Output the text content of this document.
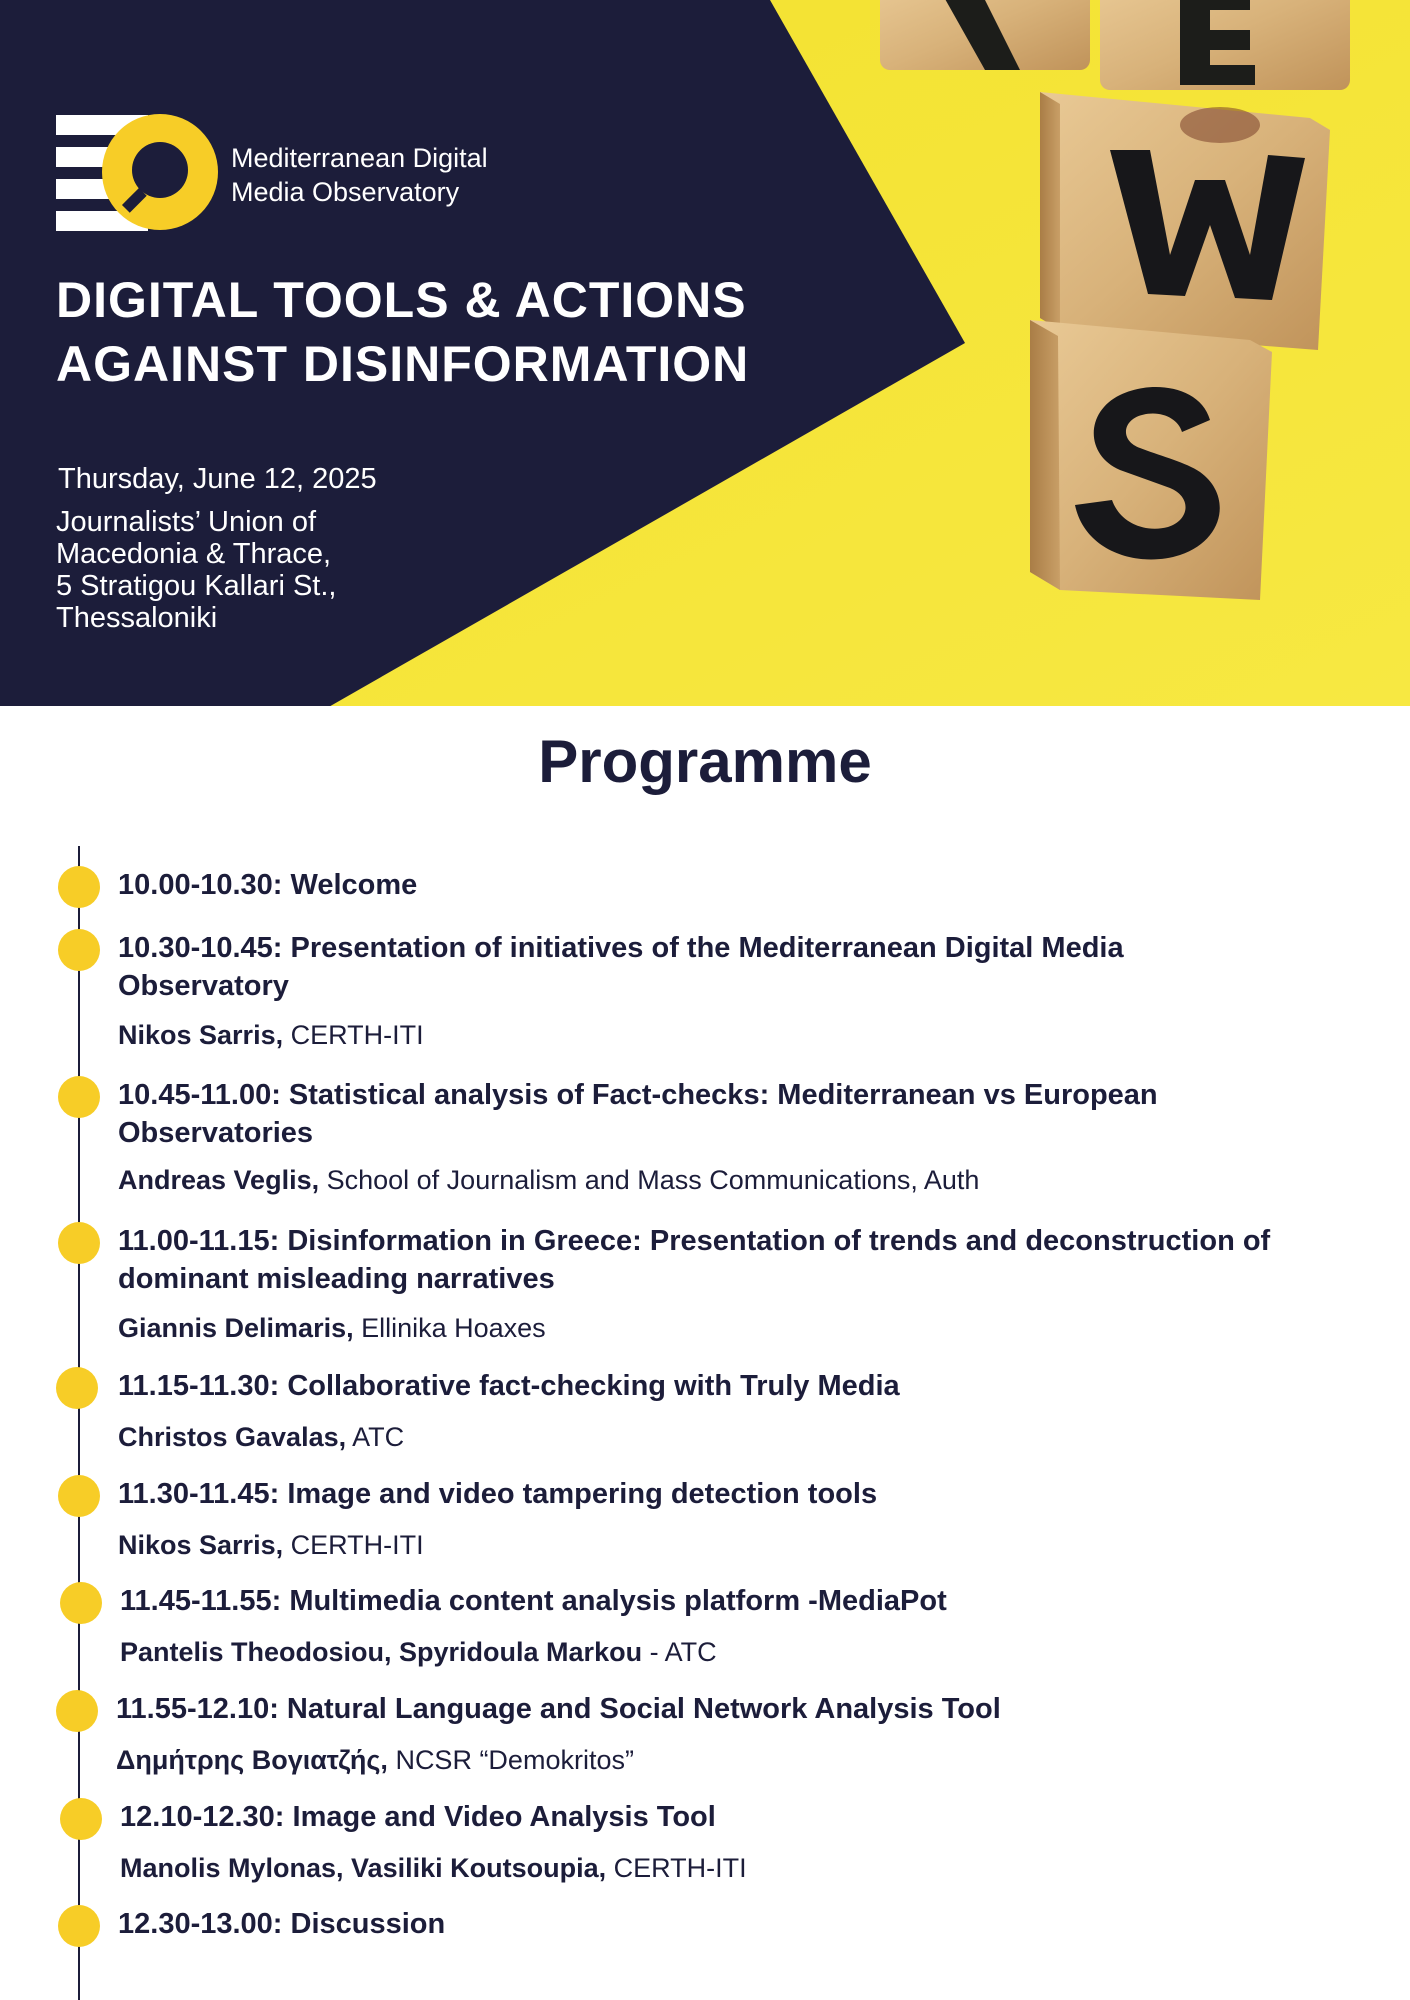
Mediterranean Digital
Media Observatory
DIGITAL TOOLS & ACTIONS
AGAINST DISINFORMATION
Thursday, June 12, 2025
Journalists’ Union of
Macedonia & Thrace,
5 Stratigou Kallari St.,
Thessaloniki
Programme
10.00-10.30: Welcome
10.30-10.45: Presentation of initiatives of the Mediterranean Digital Media Observatory
Nikos Sarris, CERTH-ITI
10.45-11.00: Statistical analysis of Fact-checks: Mediterranean vs European Observatories
Andreas Veglis, School of Journalism and Mass Communications, Auth
11.00-11.15: Disinformation in Greece: Presentation of trends and deconstruction of dominant misleading narratives
Giannis Delimaris, Ellinika Hoaxes
11.15-11.30: Collaborative fact-checking with Truly Media
Christos Gavalas, ATC
11.30-11.45: Image and video tampering detection tools
Nikos Sarris, CERTH-ITI
11.45-11.55: Multimedia content analysis platform -MediaPot
Pantelis Theodosiou, Spyridoula Markou - ATC
11.55-12.10: Natural Language and Social Network Analysis Tool
Δημήτρης Βογιατζής, NCSR “Demokritos”
12.10-12.30: Image and Video Analysis Tool
Manolis Mylonas, Vasiliki Koutsoupia, CERTH-ITI
12.30-13.00: Discussion
